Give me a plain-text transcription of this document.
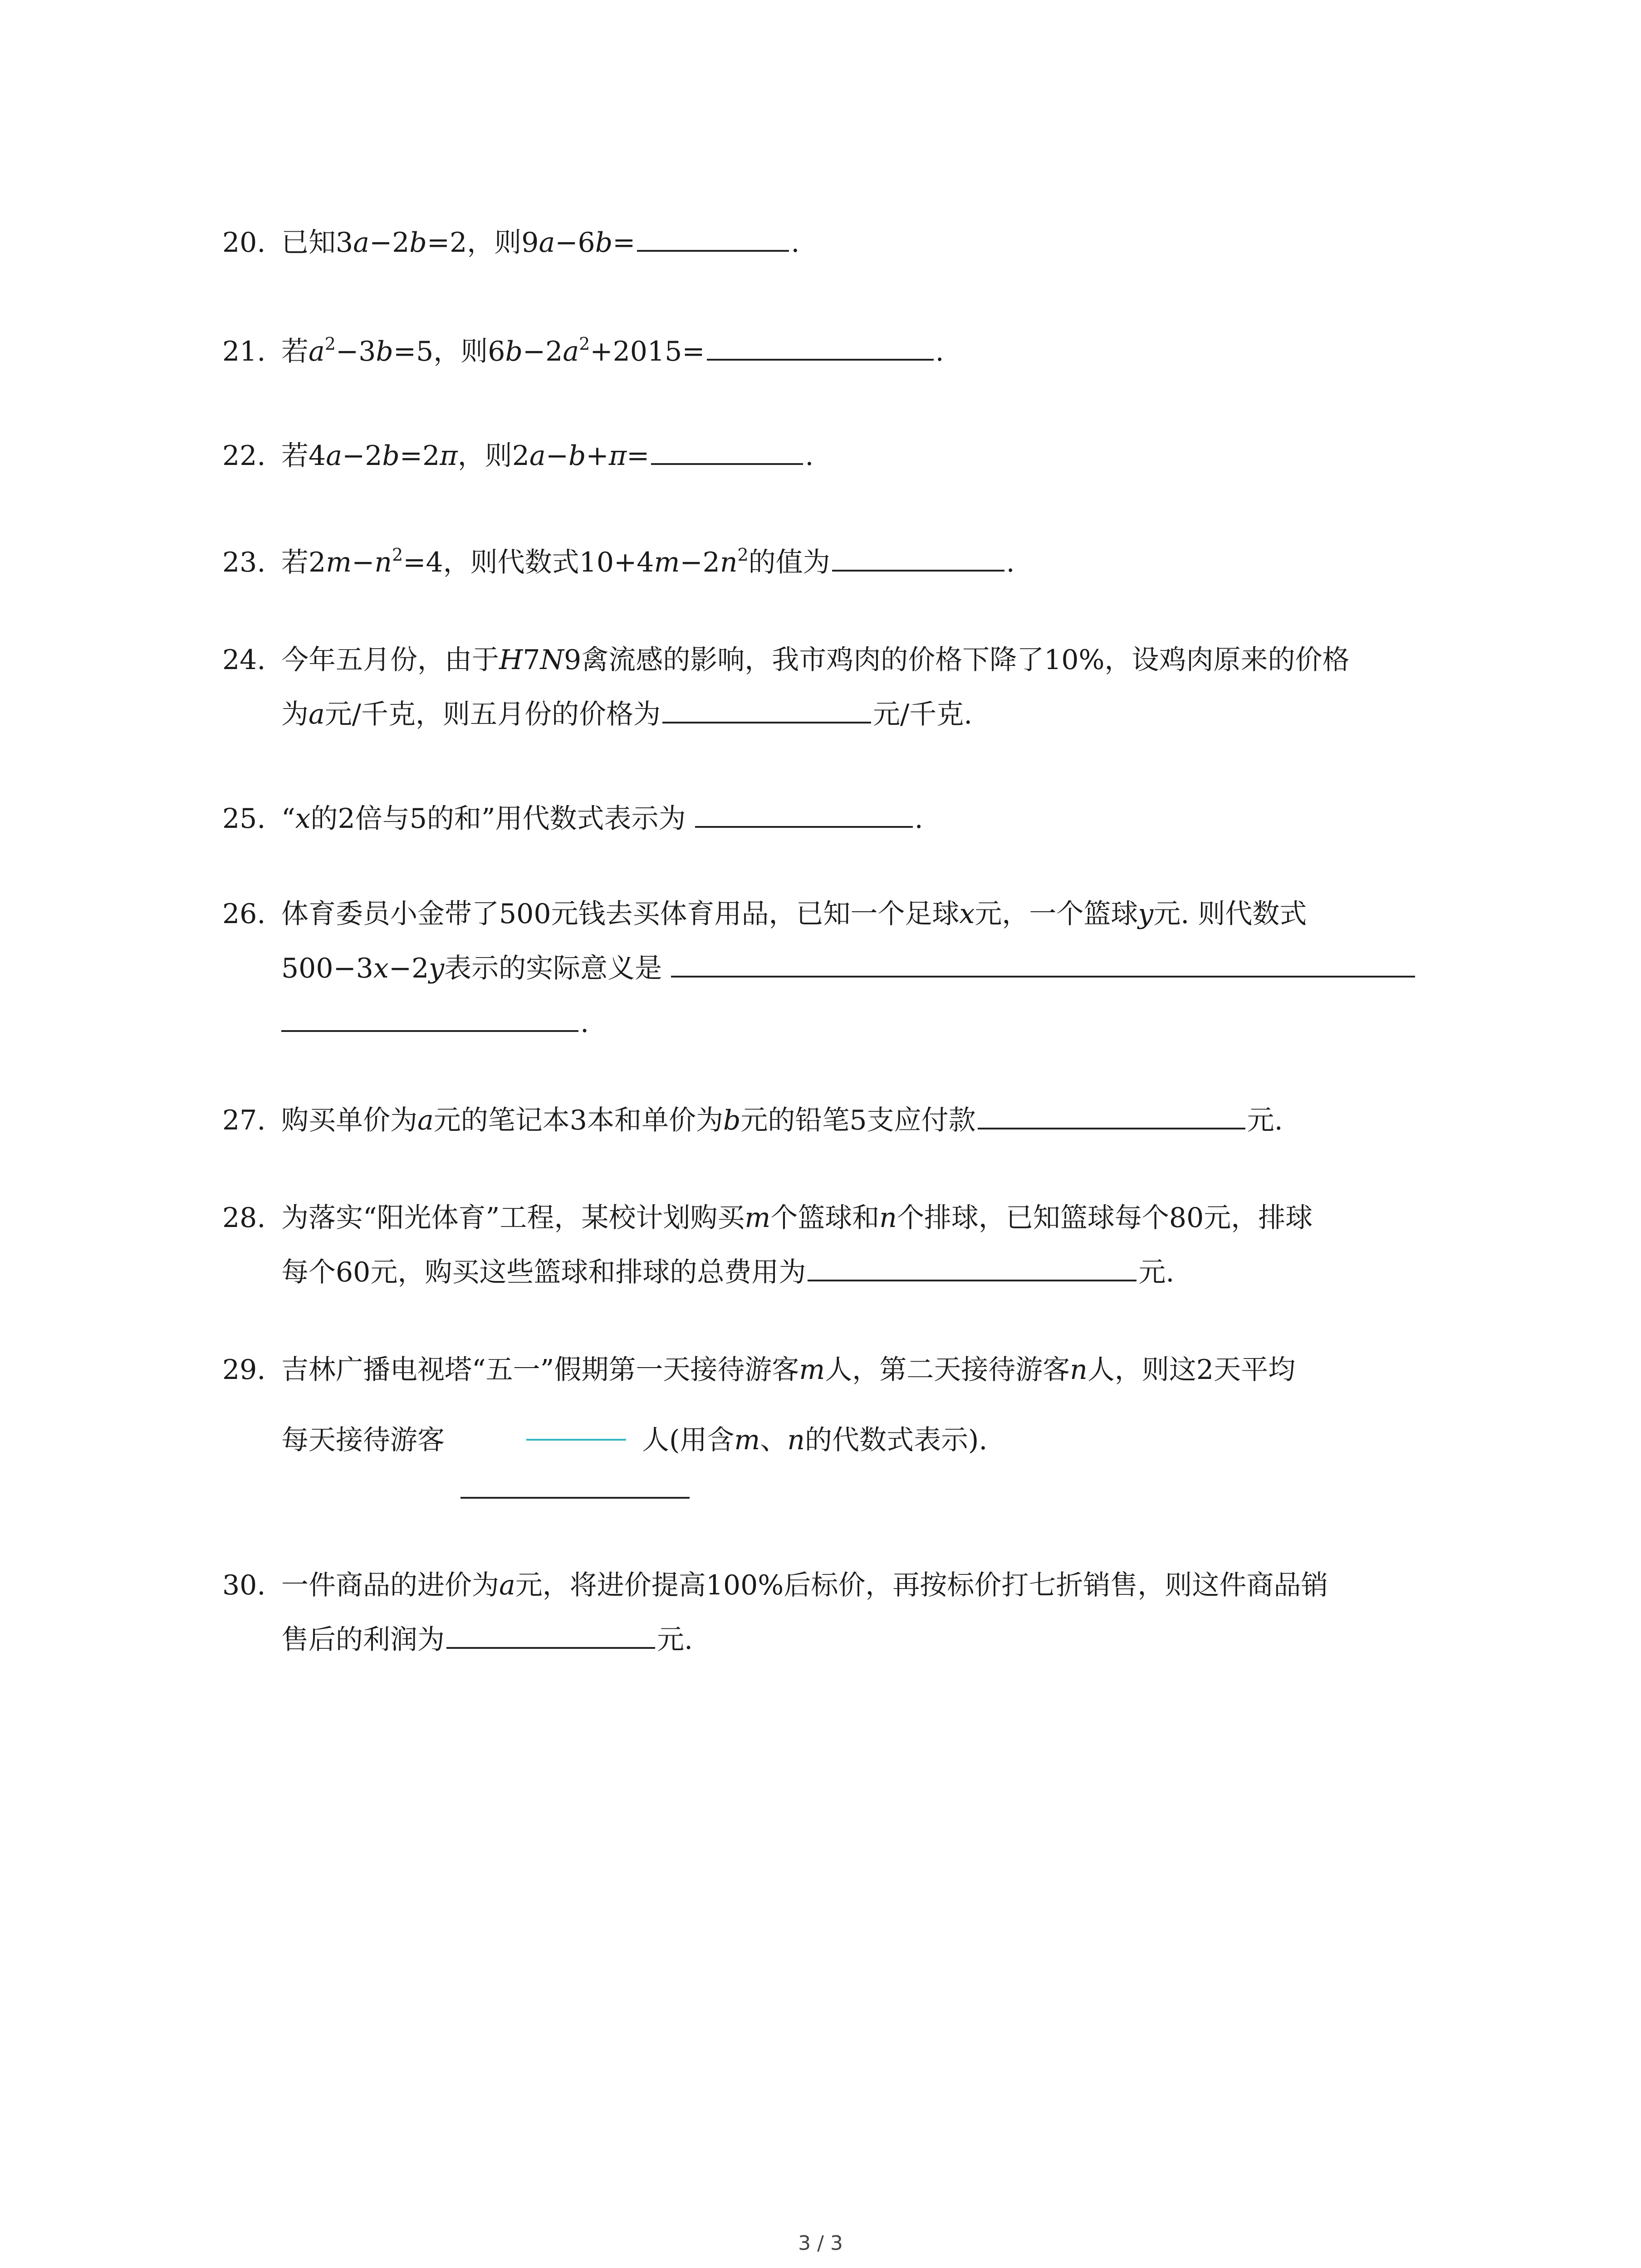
20. 已知3a−2b=2，则9a−6b=	.
21. 若$a^2-3b=5$，则$6b-2a^2+2015=$	.
22. 若4a−2b=2π，则2a−b+π=	.
23. 若$2m-n^2=4$，则代数式$10+4m-2n^2$的值为	.
24. 今年五月份，由于H7N9禽流感的影响，我市鸡肉的价格下降了10%，设鸡肉原来的价格
为a元/千克，则五月份的价格为	元/千克.
25. “x的2倍与5的和”用代数式表示为	.
26. 体育委员小金带了500元钱去买体育用品，已知一个足球x元，一个篮球y元. 则代数式
500−3x−2y表示的实际意义是
.
27. 购买单价为a元的笔记本3本和单价为b元的铅笔5支应付款	元.
28. 为落实“阳光体育”工程，某校计划购买m个篮球和n个排球，已知篮球每个80元，排球
每个60元，购买这些篮球和排球的总费用为	元.
29. 吉林广播电视塔“五一”假期第一天接待游客m人，第二天接待游客n人，则这2天平均
每天接待游客	人(用含m、n的代数式表示).
30. 一件商品的进价为a元，将进价提高100%后标价，再按标价打七折销售，则这件商品销
售后的利润为	元.
3 / 3
